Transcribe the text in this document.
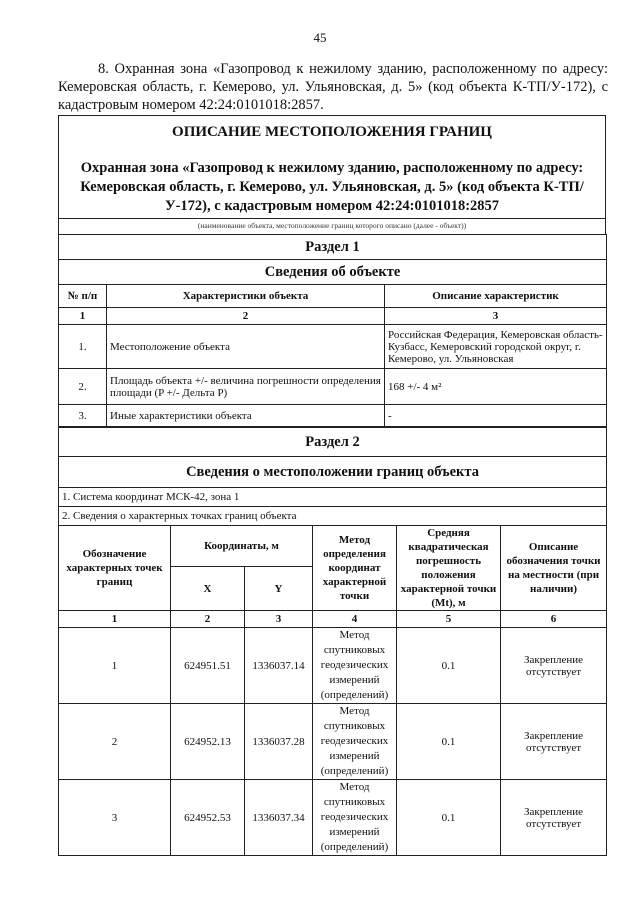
45

8. Охранная зона «Газопровод к нежилому зданию, расположенному по адресу: Кемеровская область, г. Кемерово, ул. Ульяновская, д. 5» (код объекта К-ТП/У-172), с кадастровым номером 42:24:0101018:2857.

ОПИСАНИЕ МЕСТОПОЛОЖЕНИЯ ГРАНИЦ
Охранная зона «Газопровод к нежилому зданию, расположенному по адресу: Кемеровская область, г. Кемерово, ул. Ульяновская, д. 5» (код объекта К-ТП/У-172), с кадастровым номером 42:24:0101018:2857
(наименование объекта, местоположение границ которого описано (далее - объект))
Раздел 1		
Сведения об объекте		
№ п/п	Характеристики объекта	Описание характеристик
1	2	3
1.	Местоположение объекта	Российская Федерация, Кемеровская область-Кузбасс, Кемеровский городской округ, г. Кемерово, ул. Ульяновская
2.	Площадь объекта +/- величина погрешности определения площади (P +/- Дельта P)	168 +/- 4 м²
3.	Иные характеристики объекта	-
Раздел 2					
Сведения о местоположении границ объекта					
1. Система координат МСК-42, зона 1					
2. Сведения о характерных точках границ объекта					
Обозначение характерных точек границ	Координаты, м		Метод определения координат характерной точки	Средняя квадратическая погрешность положения характерной точки (Mt), м	Описание обозначения точки на местности (при наличии)
	X	Y			
1	2	3	4	5	6
1	624951.51	1336037.14	Метод спутниковых геодезических измерений (определений)	0.1	Закрепление отсутствует
2	624952.13	1336037.28	Метод спутниковых геодезических измерений (определений)	0.1	Закрепление отсутствует
3	624952.53	1336037.34	Метод спутниковых геодезических измерений (определений)	0.1	Закрепление отсутствует
